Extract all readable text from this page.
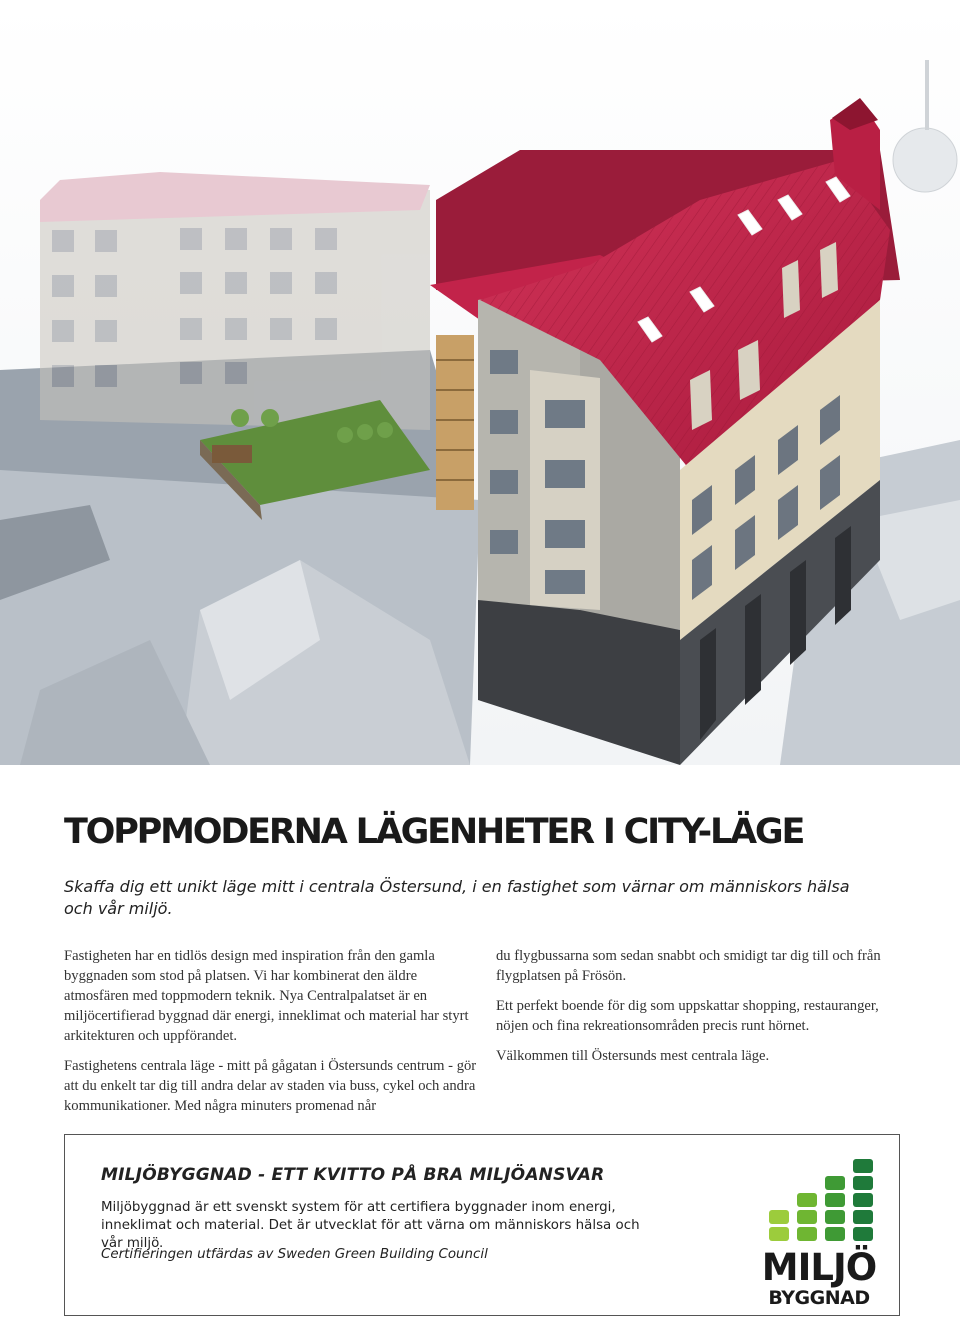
TOPPMODERNA LÄGENHETER I CITY-LÄGE

Skaffa dig ett unikt läge mitt i centrala Östersund, i en fastighet som värnar om människors hälsa och vår miljö.

Fastigheten har en tidlös design med inspiration från den gamla byggnaden som stod på platsen. Vi har kombinerat den äldre atmosfären med toppmodern teknik. Nya Centralpalatset är en miljöcertifierad byggnad där energi, inneklimat och material har styrt arkitekturen och uppförandet.

Fastighetens centrala läge - mitt på gågatan i Östersunds centrum - gör att du enkelt tar dig till andra delar av staden via buss, cykel och andra kommunikationer. Med några minuters promenad når

du flygbussarna som sedan snabbt och smidigt tar dig till och från flygplatsen på Frösön.

Ett perfekt boende för dig som uppskattar shopping, restauranger, nöjen och fina rekreationsområden precis runt hörnet.

Välkommen till Östersunds mest centrala läge.

MILJÖBYGGNAD - ETT KVITTO PÅ BRA MILJÖANSVAR

Miljöbyggnad är ett svenskt system för att certifiera byggnader inom energi, inneklimat och material. Det är utvecklat för att värna om människors hälsa och vår miljö.

Certifieringen utfärdas av Sweden Green Building Council	MILJÖ
BYGGNAD
